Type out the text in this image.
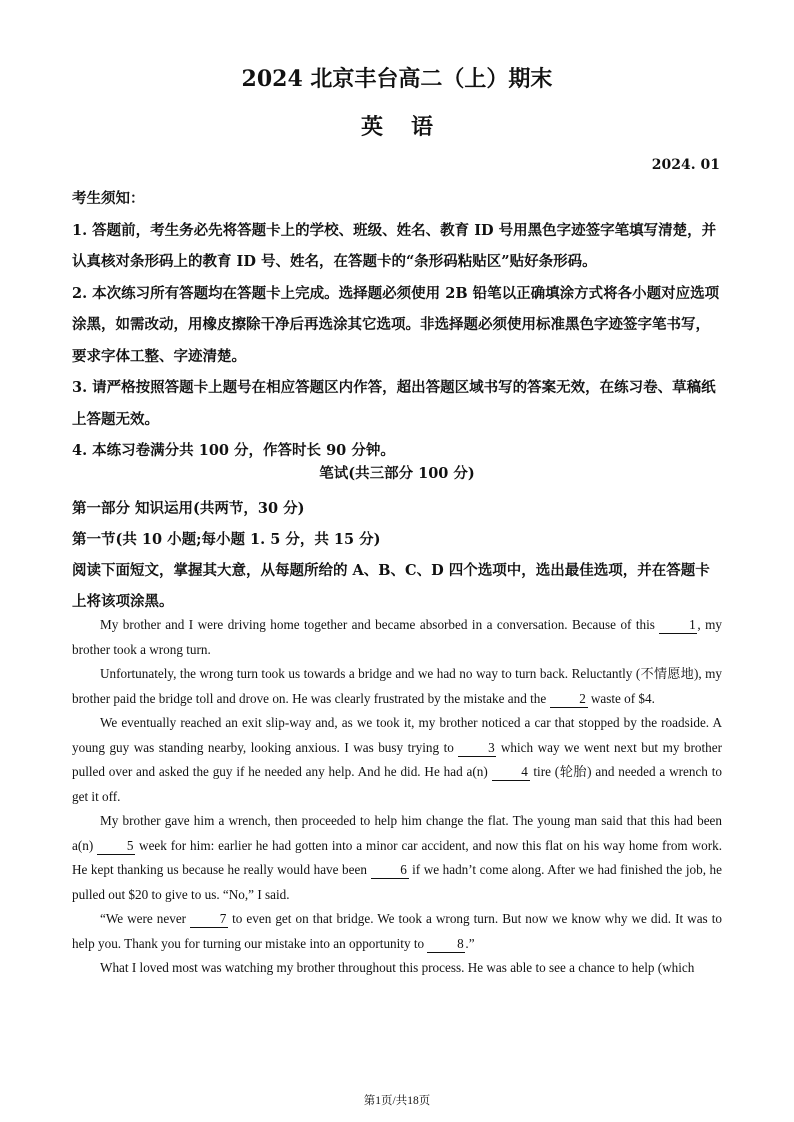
2024 北京丰台高二（上）期末
英语
2024. 01

考生须知：

1. 答题前，考生务必先将答题卡上的学校、班级、姓名、教育 ID 号用黑色字迹签字笔填写清楚，并认真核对条形码上的教育 ID 号、姓名，在答题卡的“条形码粘贴区”贴好条形码。

2. 本次练习所有答题均在答题卡上完成。选择题必须使用 2B 铅笔以正确填涂方式将各小题对应选项涂黑，如需改动，用橡皮擦除干净后再选涂其它选项。非选择题必须使用标准黑色字迹签字笔书写，要求字体工整、字迹清楚。

3. 请严格按照答题卡上题号在相应答题区内作答，超出答题区域书写的答案无效，在练习卷、草稿纸上答题无效。

4. 本练习卷满分共 100 分，作答时长 90 分钟。

笔试(共三部分 100 分)

第一部分 知识运用(共两节，30 分)

第一节(共 10 小题;每小题 1. 5 分，共 15 分)

阅读下面短文，掌握其大意，从每题所给的 A、B、C、D 四个选项中，选出最佳选项，并在答题卡上将该项涂黑。

My brother and I were driving home together and became absorbed in a conversation. Because of this 1 , my brother took a wrong turn.

Unfortunately, the wrong turn took us towards a bridge and we had no way to turn back. Reluctantly (不情愿地), my brother paid the bridge toll and drove on. He was clearly frustrated by the mistake and the 2 waste of $4.

We eventually reached an exit slip-way and, as we took it, my brother noticed a car that stopped by the roadside. A young guy was standing nearby, looking anxious. I was busy trying to 3 which way we went next but my brother pulled over and asked the guy if he needed any help. And he did. He had a(n) 4 tire (轮胎) and needed a wrench to get it off.

My brother gave him a wrench, then proceeded to help him change the flat. The young man said that this had been a(n) 5 week for him: earlier he had gotten into a minor car accident, and now this flat on his way home from work. He kept thanking us because he really would have been 6 if we hadn’t come along. After we had finished the job, he pulled out $20 to give to us. “No,” I said.

“We were never 7 to even get on that bridge. We took a wrong turn. But now we know why we did. It was to help you. Thank you for turning our mistake into an opportunity to 8 .”

What I loved most was watching my brother throughout this process. He was able to see a chance to help (which

第1页/共18页
